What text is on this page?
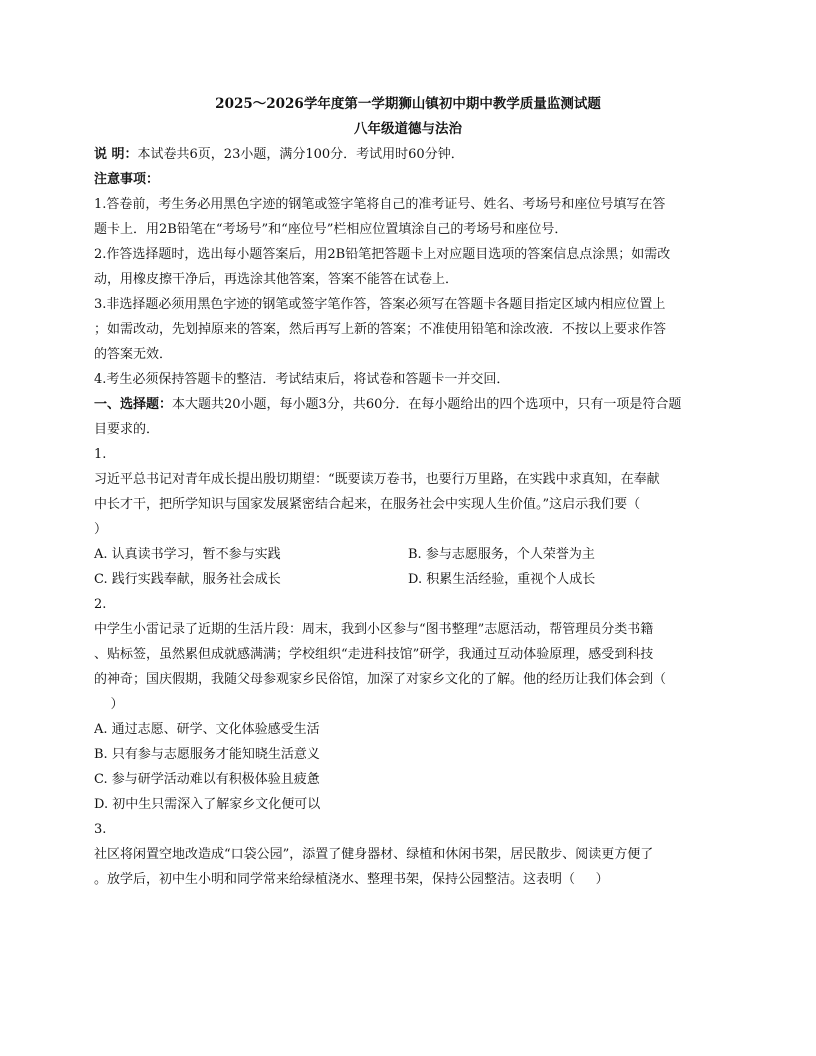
2025～2026学年度第一学期狮山镇初中期中教学质量监测试题
八年级道德与法治
说 明：本试卷共6页，23小题，满分100分．考试用时60分钟．
注意事项：
1.答卷前，考生务必用黑色字迹的钢笔或签字笔将自己的准考证号、姓名、考场号和座位号填写在答
题卡上．用2B铅笔在“考场号”和“座位号”栏相应位置填涂自己的考场号和座位号．
2.作答选择题时，选出每小题答案后，用2B铅笔把答题卡上对应题目选项的答案信息点涂黑；如需改
动，用橡皮擦干净后，再选涂其他答案，答案不能答在试卷上．
3.非选择题必须用黑色字迹的钢笔或签字笔作答，答案必须写在答题卡各题目指定区域内相应位置上
；如需改动，先划掉原来的答案，然后再写上新的答案；不准使用铅笔和涂改液．不按以上要求作答
的答案无效．
4.考生必须保持答题卡的整洁．考试结束后，将试卷和答题卡一并交回．
一、选择题：本大题共20小题，每小题3分，共60分．在每小题给出的四个选项中，只有一项是符合题
目要求的．
1.
习近平总书记对青年成长提出殷切期望：“既要读万卷书，也要行万里路，在实践中求真知，在奉献
中长才干，把所学知识与国家发展紧密结合起来，在服务社会中实现人生价值。”这启示我们要（
）
A. 认真读书学习，暂不参与实践	B. 参与志愿服务，个人荣誉为主
C. 践行实践奉献，服务社会成长	D. 积累生活经验，重视个人成长
2.
中学生小雷记录了近期的生活片段：周末，我到小区参与“图书整理”志愿活动，帮管理员分类书籍
、贴标签，虽然累但成就感满满；学校组织“走进科技馆”研学，我通过互动体验原理，感受到科技
的神奇；国庆假期，我随父母参观家乡民俗馆，加深了对家乡文化的了解。他的经历让我们体会到（
）
A. 通过志愿、研学、文化体验感受生活
B. 只有参与志愿服务才能知晓生活意义
C. 参与研学活动难以有积极体验且疲惫
D. 初中生只需深入了解家乡文化便可以
3.
社区将闲置空地改造成“口袋公园”，添置了健身器材、绿植和休闲书架，居民散步、阅读更方便了
。放学后，初中生小明和同学常来给绿植浇水、整理书架，保持公园整洁。这表明（     ）
